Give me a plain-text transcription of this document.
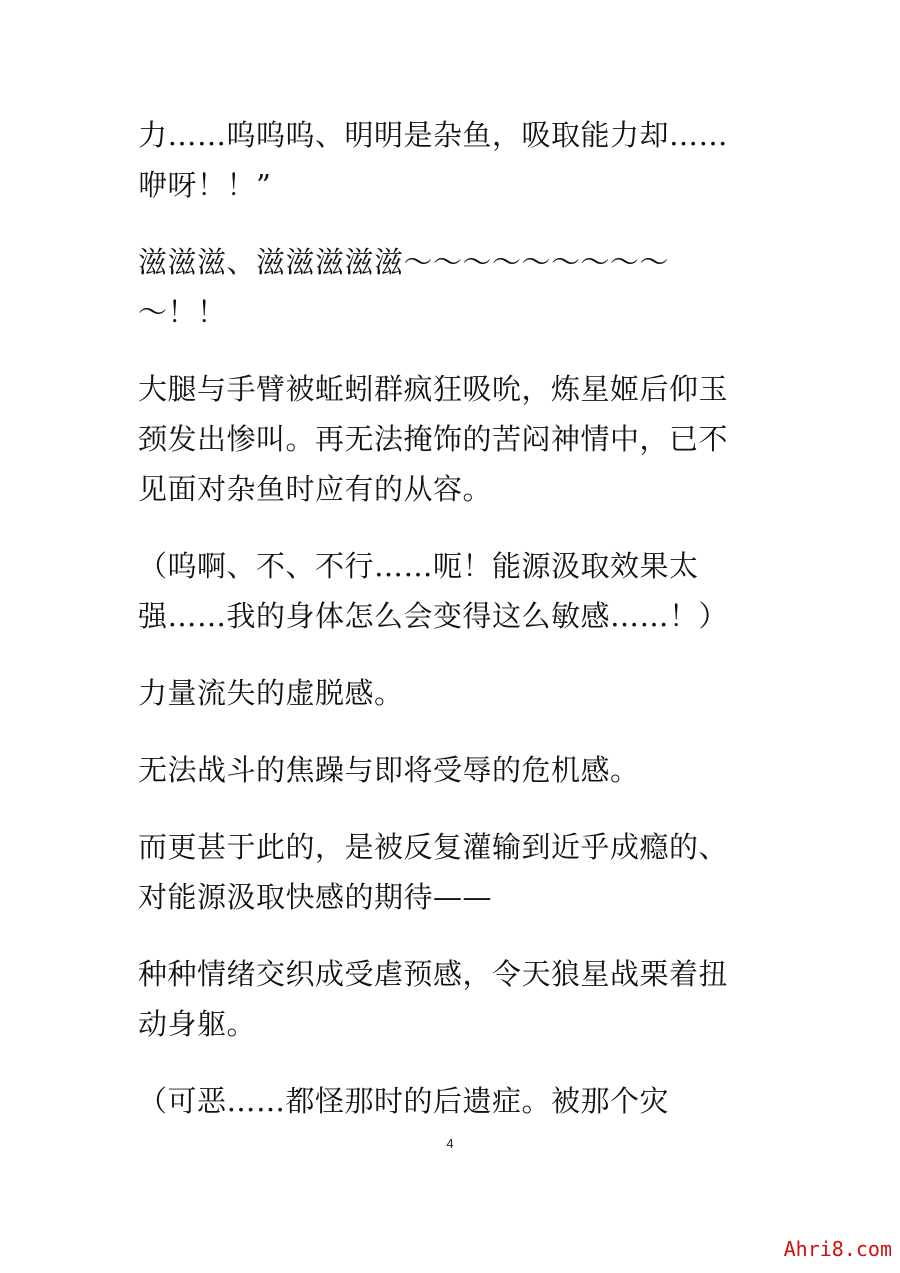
力……呜呜呜、明明是杂鱼，吸取能力却……
咿呀！！”

滋滋滋、滋滋滋滋滋～～～～～～～～～～！！

大腿与手臂被蚯蚓群疯狂吸吮，炼星姬后仰玉
颈发出惨叫。再无法掩饰的苦闷神情中，已不
见面对杂鱼时应有的从容。

（呜啊、不、不行……呃！能源汲取效果太
强……我的身体怎么会变得这么敏感……！）

力量流失的虚脱感。

无法战斗的焦躁与即将受辱的危机感。

而更甚于此的，是被反复灌输到近乎成瘾的、
对能源汲取快感的期待——

种种情绪交织成受虐预感，令天狼星战栗着扭
动身躯。

（可恶……都怪那时的后遗症。被那个灾

4
Ahri8.com
